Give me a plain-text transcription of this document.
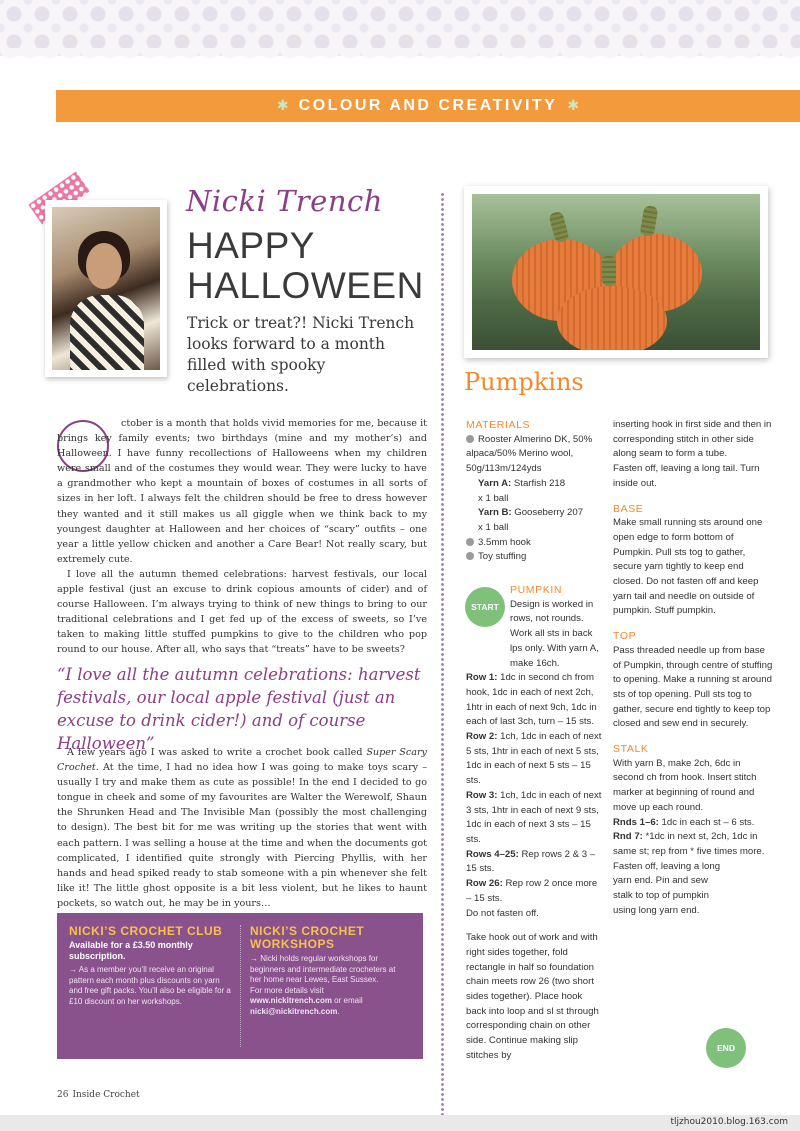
✱ COLOUR AND CREATIVITY ✱
Nicki Trench
HAPPY
HALLOWEEN
Trick or treat?! Nicki Trench looks forward to a month filled with spooky celebrations.

ctober is a month that holds vivid memories for me, because it brings key family events; two birthdays (mine and my mother’s) and Halloween. I have funny recollections of Halloweens when my children were small and of the costumes they would wear. They were lucky to have a grandmother who kept a mountain of boxes of costumes in all sorts of sizes in her loft. I always felt the children should be free to dress however they wanted and it still makes us all giggle when we think back to my youngest daughter at Halloween and her choices of “scary” outfits – one year a little yellow chicken and another a Care Bear! Not really scary, but extremely cute.

I love all the autumn themed celebrations: harvest festivals, our local apple festival (just an excuse to drink copious amounts of cider) and of course Halloween. I’m always trying to think of new things to bring to our traditional celebrations and I get fed up of the excess of sweets, so I’ve taken to making little stuffed pumpkins to give to the children who pop round to our house. After all, who says that “treats” have to be sweets?

“I love all the autumn celebrations: harvest festivals, our local apple festival (just an excuse to drink cider!) and of course Halloween”

A few years ago I was asked to write a crochet book called Super Scary Crochet. At the time, I had no idea how I was going to make toys scary – usually I try and make them as cute as possible! In the end I decided to go tongue in cheek and some of my favourites are Walter the Werewolf, Shaun the Shrunken Head and The Invisible Man (possibly the most challenging to design). The best bit for me was writing up the stories that went with each pattern. I was selling a house at the time and when the documents got complicated, I identified quite strongly with Piercing Phyllis, with her hands and head spiked ready to stab someone with a pin whenever she felt like it! The little ghost opposite is a bit less violent, but he likes to haunt pockets, so watch out, he may be in yours…

NICKI’S CROCHET CLUB
Available for a £3.50 monthly subscription.

→ As a member you’ll receive an original pattern each month plus discounts on yarn and free gift packs. You’ll also be eligible for a £10 discount on her workshops.

NICKI’S CROCHET WORKSHOPS

→ Nicki holds regular workshops for beginners and intermediate crocheters at her home near Lewes, East Sussex.

For more details visit
www.nickitrench.com or email
nicki@nickitrench.com.

Pumpkins
MATERIALS
Rooster Almerino DK, 50% alpaca/50% Merino wool, 50g/113m/124yds
Yarn A: Starfish 218
x 1 ball
Yarn B: Gooseberry 207
x 1 ball
3.5mm hook
Toy stuffing
PUMPKIN
Design is worked in rows, not rounds. Work all sts in back lps only. With yarn A, make 16ch.
Row 1: 1dc in second ch from hook, 1dc in each of next 2ch, 1htr in each of next 9ch, 1dc in each of last 3ch, turn – 15 sts.
Row 2: 1ch, 1dc in each of next 5 sts, 1htr in each of next 5 sts, 1dc in each of next 5 sts – 15 sts.
Row 3: 1ch, 1dc in each of next 3 sts, 1htr in each of next 9 sts, 1dc in each of next 3 sts – 15 sts.
Rows 4–25: Rep rows 2 & 3 – 15 sts.
Row 26: Rep row 2 once more – 15 sts.
Do not fasten off.
Take hook out of work and with right sides together, fold rectangle in half so foundation chain meets row 26 (two short sides together). Place hook back into loop and sl st through corresponding chain on other side. Continue making slip stitches by
START
inserting hook in first side and then in corresponding stitch in other side along seam to form a tube.
Fasten off, leaving a long tail. Turn inside out.
BASE
Make small running sts around one open edge to form bottom of Pumpkin. Pull sts tog to gather, secure yarn tightly to keep end closed. Do not fasten off and keep yarn tail and needle on outside of pumpkin. Stuff pumpkin.
TOP
Pass threaded needle up from base of Pumpkin, through centre of stuffing to opening. Make a running st around sts of top opening. Pull sts tog to gather, secure end tightly to keep top closed and sew end in securely.
STALK
With yarn B, make 2ch, 6dc in second ch from hook. Insert stitch marker at beginning of round and move up each round.
Rnds 1–6: 1dc in each st – 6 sts.
Rnd 7: *1dc in next st, 2ch, 1dc in same st; rep from * five times more.
Fasten off, leaving a long yarn end. Pin and sew stalk to top of pumpkin using long yarn end.
END
26 Inside Crochet
tljzhou2010.blog.163.com
